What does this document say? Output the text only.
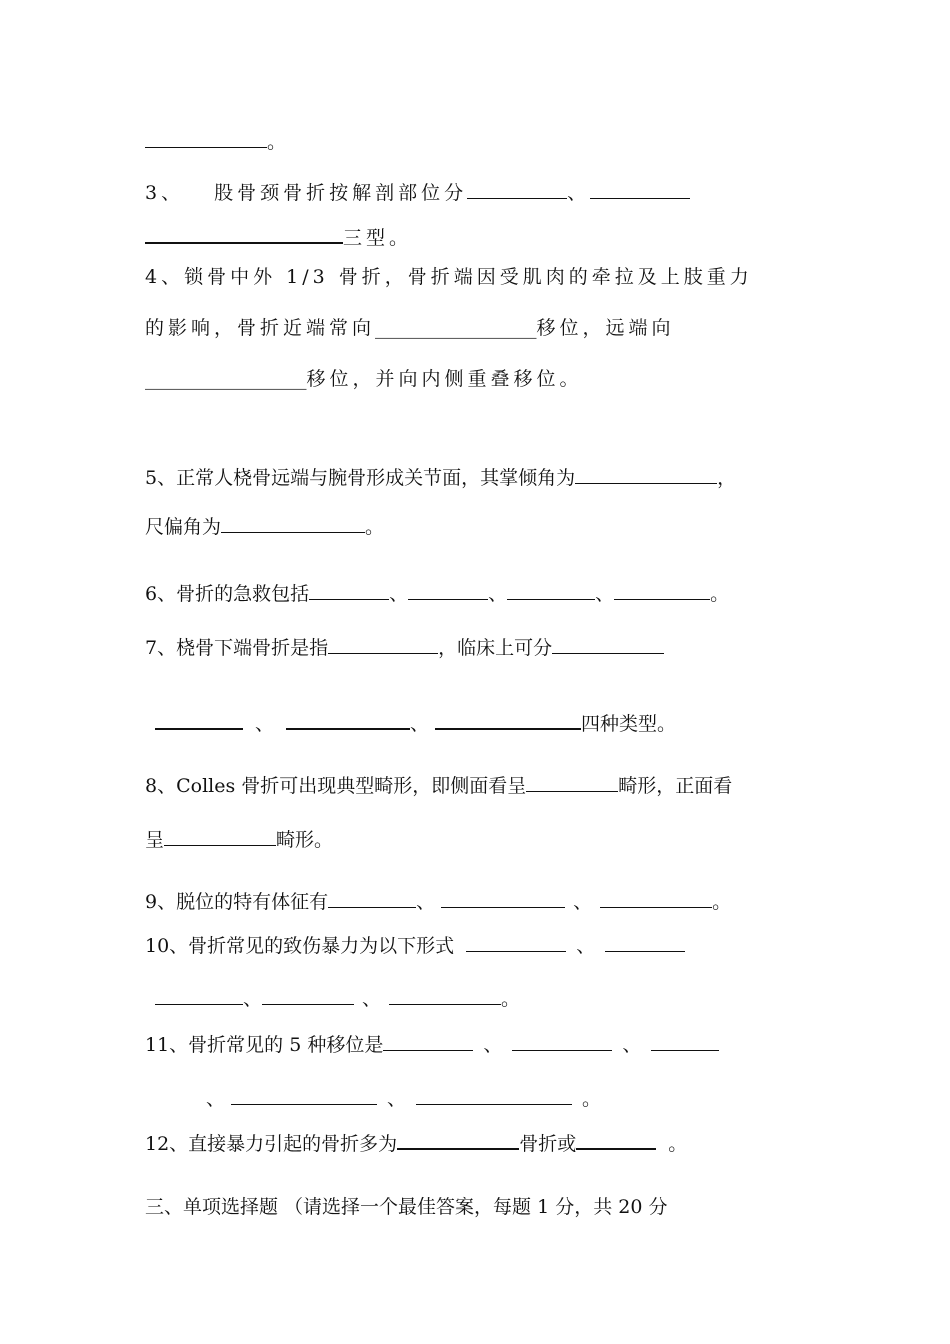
。
3、 股骨颈骨折按解剖部位分	、
三型。
4、锁骨中外 1/3 骨折，骨折端因受肌肉的牵拉及上肢重力
的影响，骨折近端常向_________________移位，远端向
_________________移位，并向内侧重叠移位。
5、正常人桡骨远端与腕骨形成关节面，其掌倾角为	，
尺偏角为	。
6、骨折的急救包括	、	、	、	。
7、桡骨下端骨折是指	，临床上可分
、	、	四种类型。
8、Colles 骨折可出现典型畸形，即侧面看呈	畸形，正面看
呈	畸形。
9、脱位的特有体征有	、	、	。
10、骨折常见的致伤暴力为以下形式	、
、	、	。
11、骨折常见的 5 种移位是	、	、
、	、	。
12、直接暴力引起的骨折多为	骨折或	。
三、单项选择题 （请选择一个最佳答案，每题 1 分，共 20 分
